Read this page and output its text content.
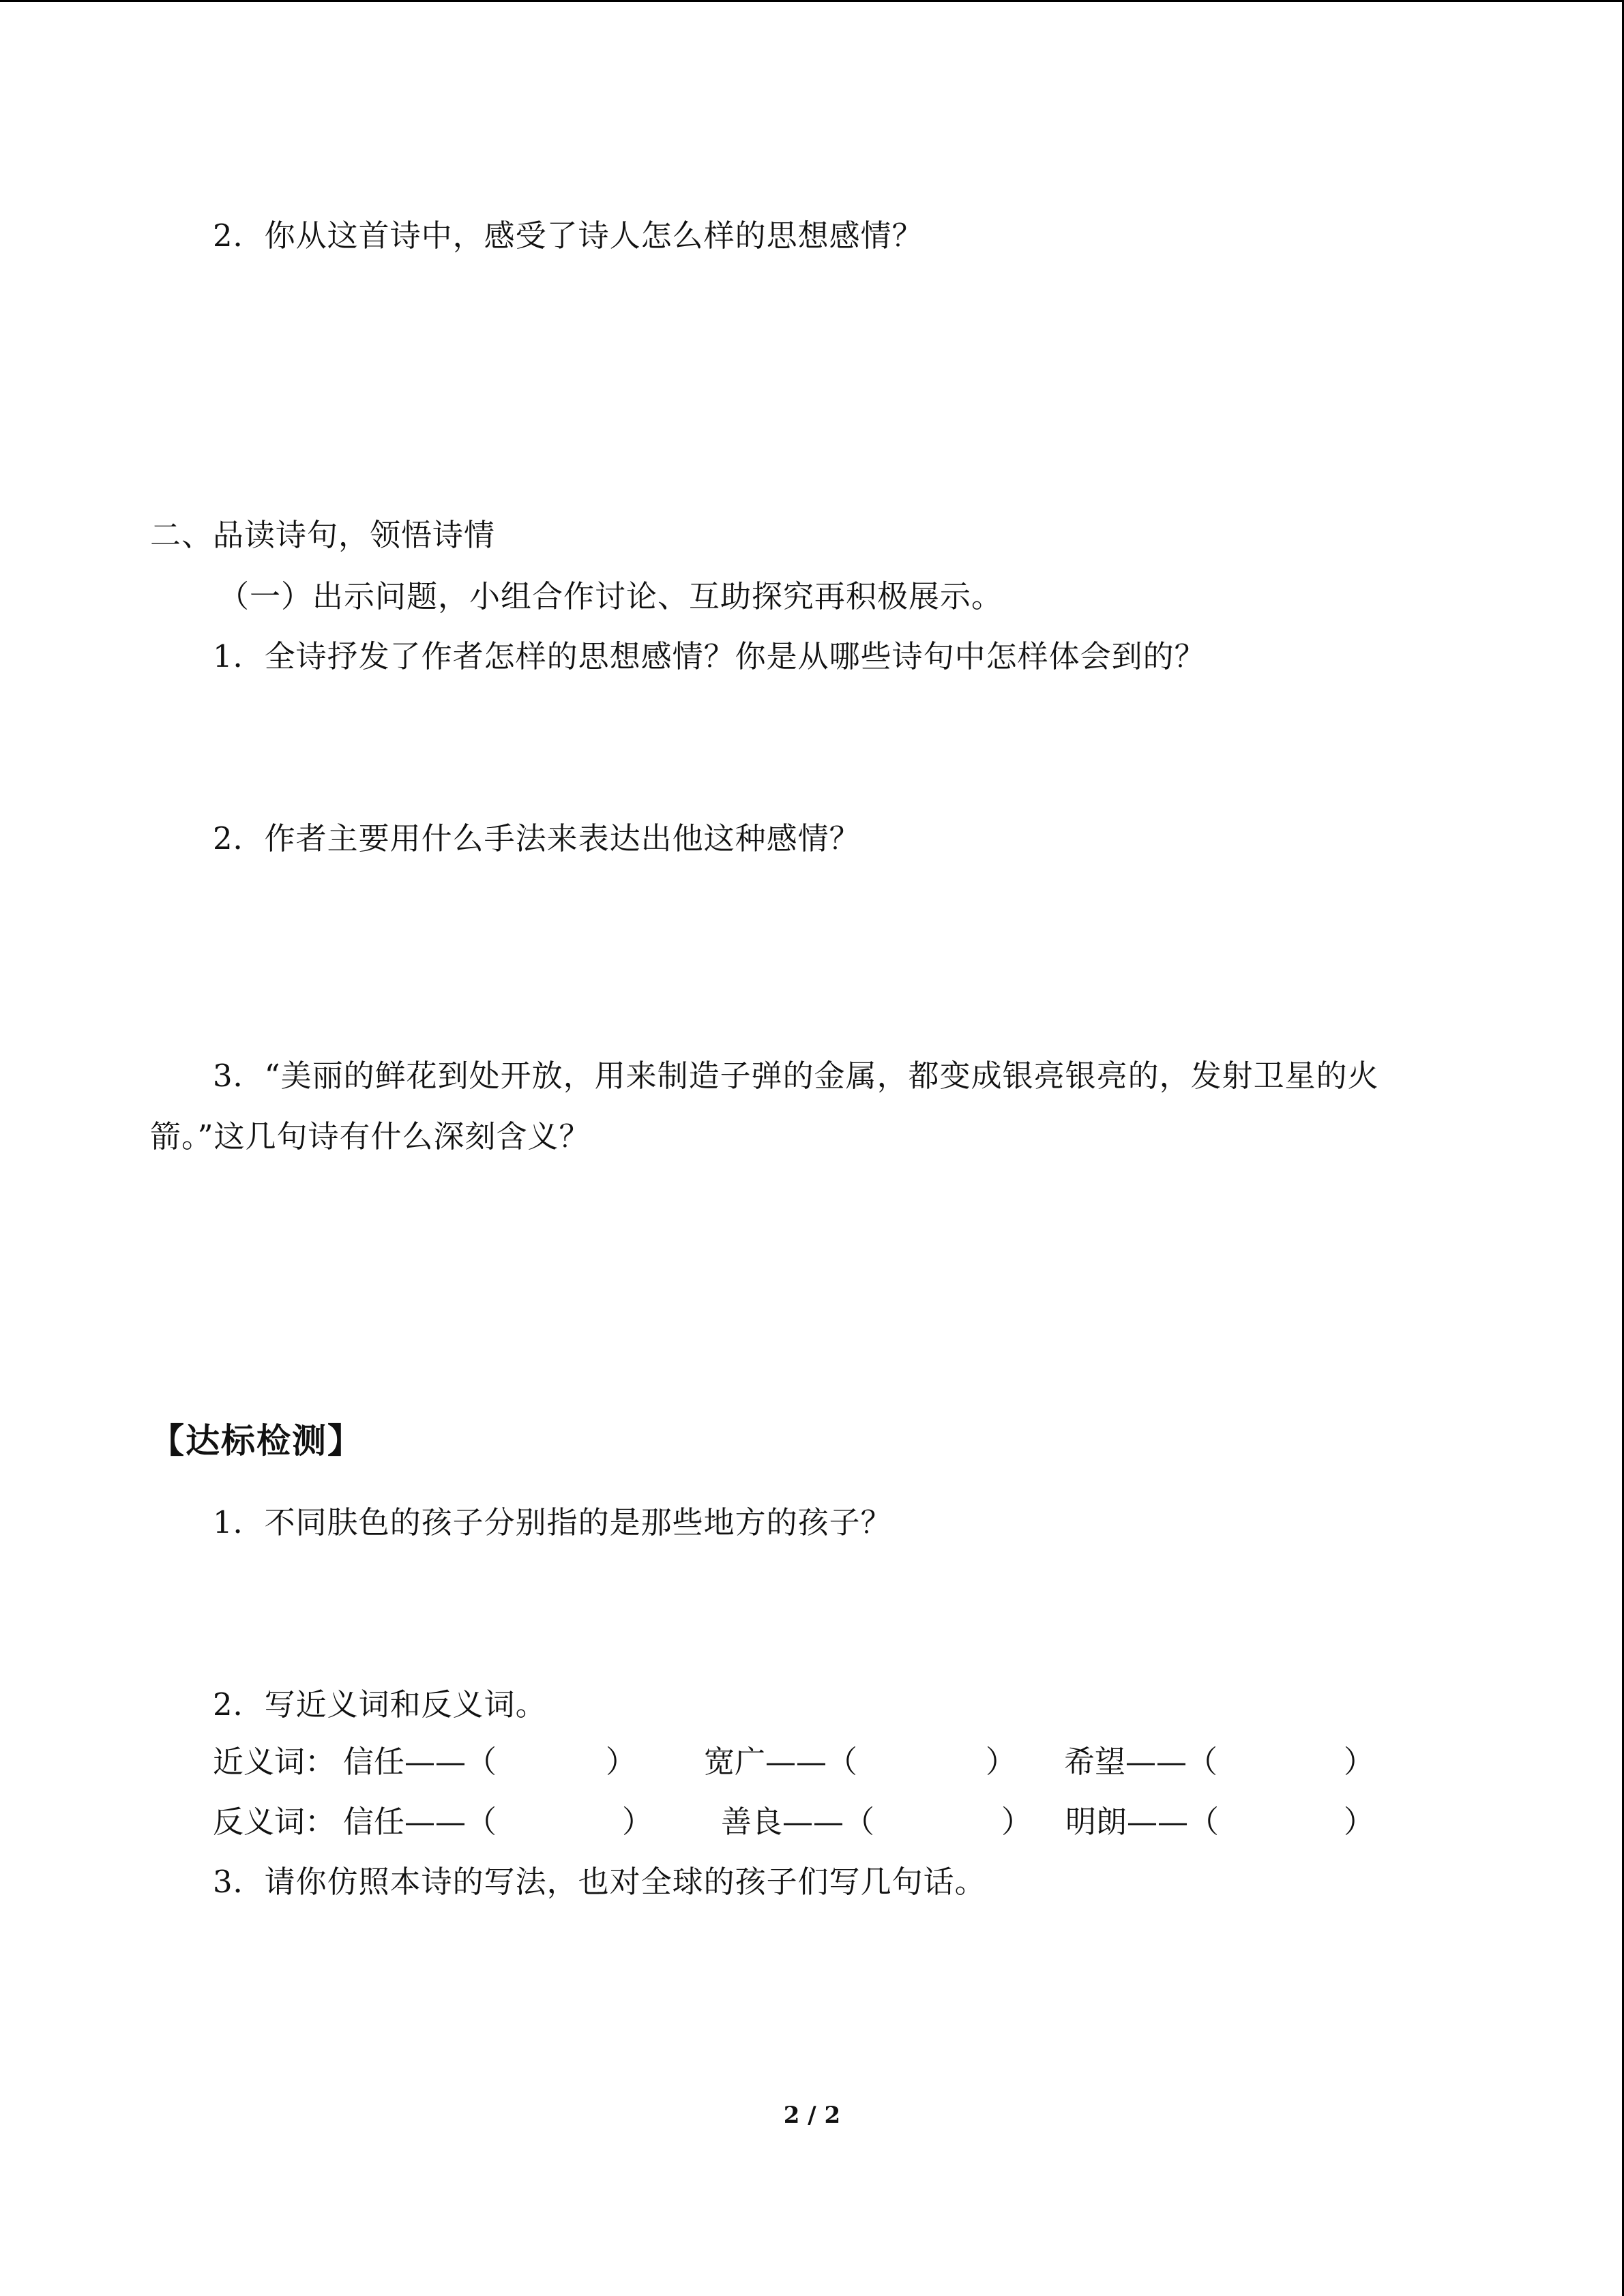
2．你从这首诗中，感受了诗人怎么样的思想感情？
二、品读诗句，领悟诗情
（一）出示问题，小组合作讨论、互助探究再积极展示。
1．全诗抒发了作者怎样的思想感情？你是从哪些诗句中怎样体会到的？
2．作者主要用什么手法来表达出他这种感情？
3．“美丽的鲜花到处开放，用来制造子弹的金属，都变成银亮银亮的，发射卫星的火
箭。”这几句诗有什么深刻含义？
【达标检测】
1．不同肤色的孩子分别指的是那些地方的孩子？
2．写近义词和反义词。
近义词： 信任——（	） 宽广——（	） 希望——（	）
反义词： 信任——（	） 善良——（	） 明朗——（	）
3．请你仿照本诗的写法，也对全球的孩子们写几句话。
2 / 2
